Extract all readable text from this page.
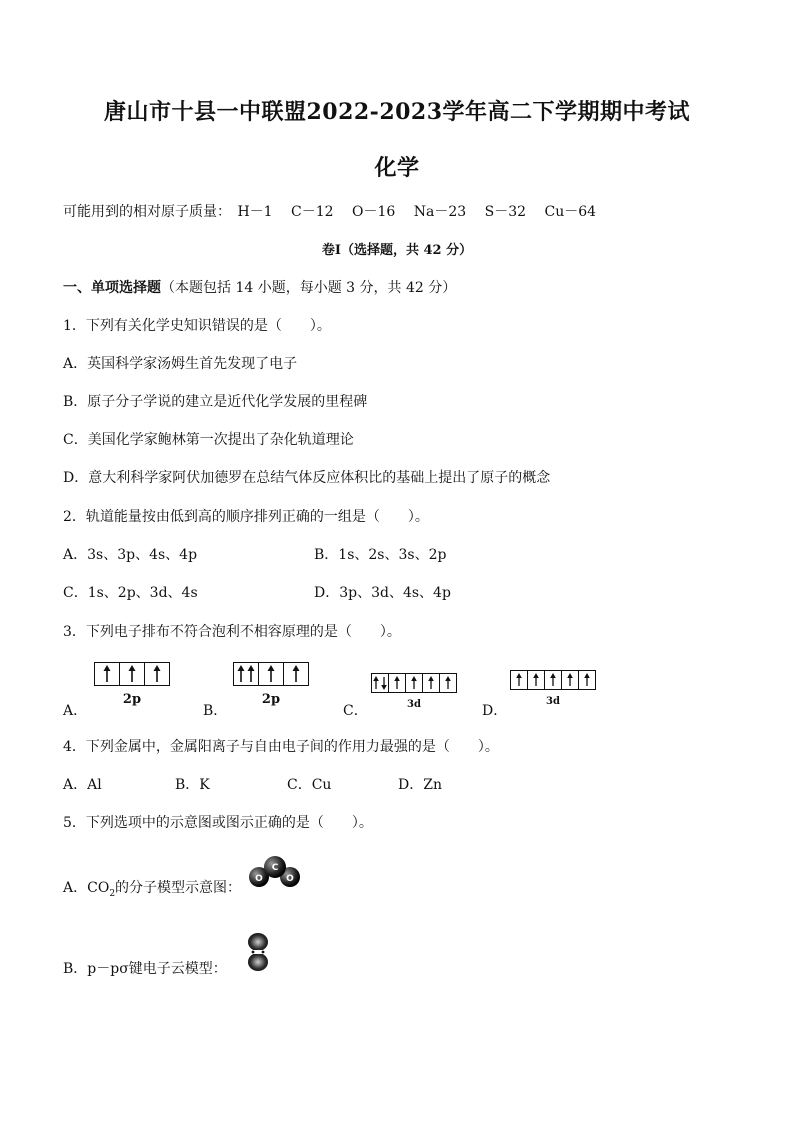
唐山市十县一中联盟2022-2023学年高二下学期期中考试
化学
可能用到的相对原子质量： H－1 C－12 O－16 Na－23 S－32 Cu－64
卷Ⅰ（选择题，共 42 分）
一、单项选择题（本题包括 14 小题，每小题 3 分，共 42 分）
1．下列有关化学史知识错误的是（　　）。
A．英国科学家汤姆生首先发现了电子
B．原子分子学说的建立是近代化学发展的里程碑
C．美国化学家鲍林第一次提出了杂化轨道理论
D．意大利科学家阿伏加德罗在总结气体反应体积比的基础上提出了原子的概念
2．轨道能量按由低到高的顺序排列正确的一组是（　　）。
A．3s、3p、4s、4p	B．1s、2s、3s、2p
C．1s、2p、3d、4s	D．3p、3d、4s、4p
3．下列电子排布不符合泡利不相容原理的是（　　）。
2p	2p	3d	3d
A．	B．	C．	D．
4．下列金属中，金属阳离子与自由电子间的作用力最强的是（　　）。
A．Al	B．K	C．Cu	D．Zn
5．下列选项中的示意图或图示正确的是（　　）。
A．$CO_2$的分子模型示意图：
O
C
O
B．p－pσ键电子云模型：
